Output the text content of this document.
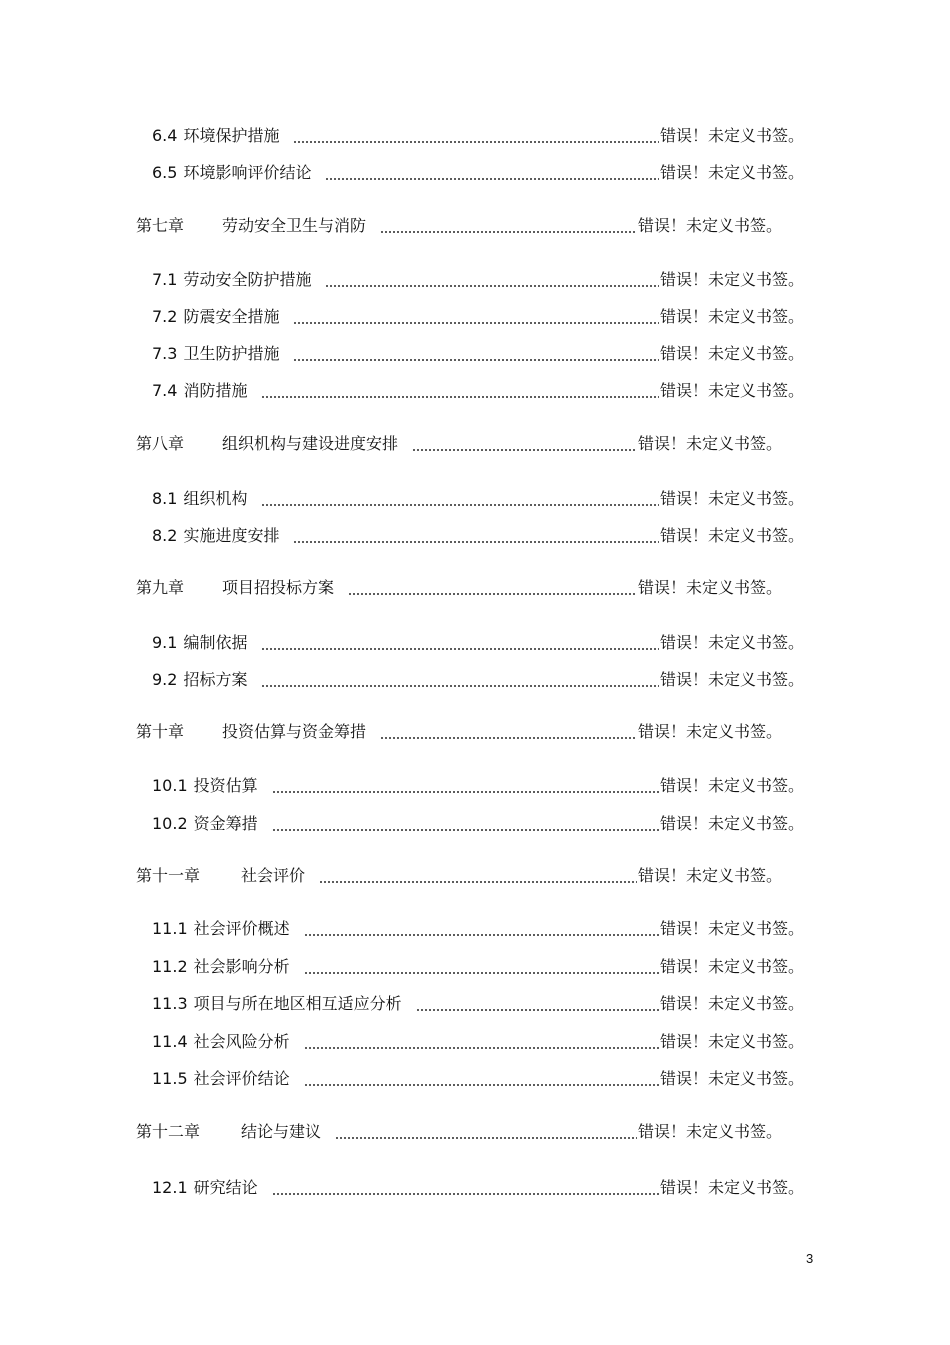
6.4 环境保护措施	错误！未定义书签。
6.5 环境影响评价结论	错误！未定义书签。
第七章	劳动安全卫生与消防	错误！未定义书签。
7.1 劳动安全防护措施	错误！未定义书签。
7.2 防震安全措施	错误！未定义书签。
7.3 卫生防护措施	错误！未定义书签。
7.4 消防措施	错误！未定义书签。
第八章	组织机构与建设进度安排	错误！未定义书签。
8.1 组织机构	错误！未定义书签。
8.2 实施进度安排	错误！未定义书签。
第九章	项目招投标方案	错误！未定义书签。
9.1 编制依据	错误！未定义书签。
9.2 招标方案	错误！未定义书签。
第十章	投资估算与资金筹措	错误！未定义书签。
10.1 投资估算	错误！未定义书签。
10.2 资金筹措	错误！未定义书签。
第十一章	社会评价	错误！未定义书签。
11.1 社会评价概述	错误！未定义书签。
11.2 社会影响分析	错误！未定义书签。
11.3 项目与所在地区相互适应分析	错误！未定义书签。
11.4 社会风险分析	错误！未定义书签。
11.5 社会评价结论	错误！未定义书签。
第十二章	结论与建议	错误！未定义书签。
12.1 研究结论	错误！未定义书签。
3
